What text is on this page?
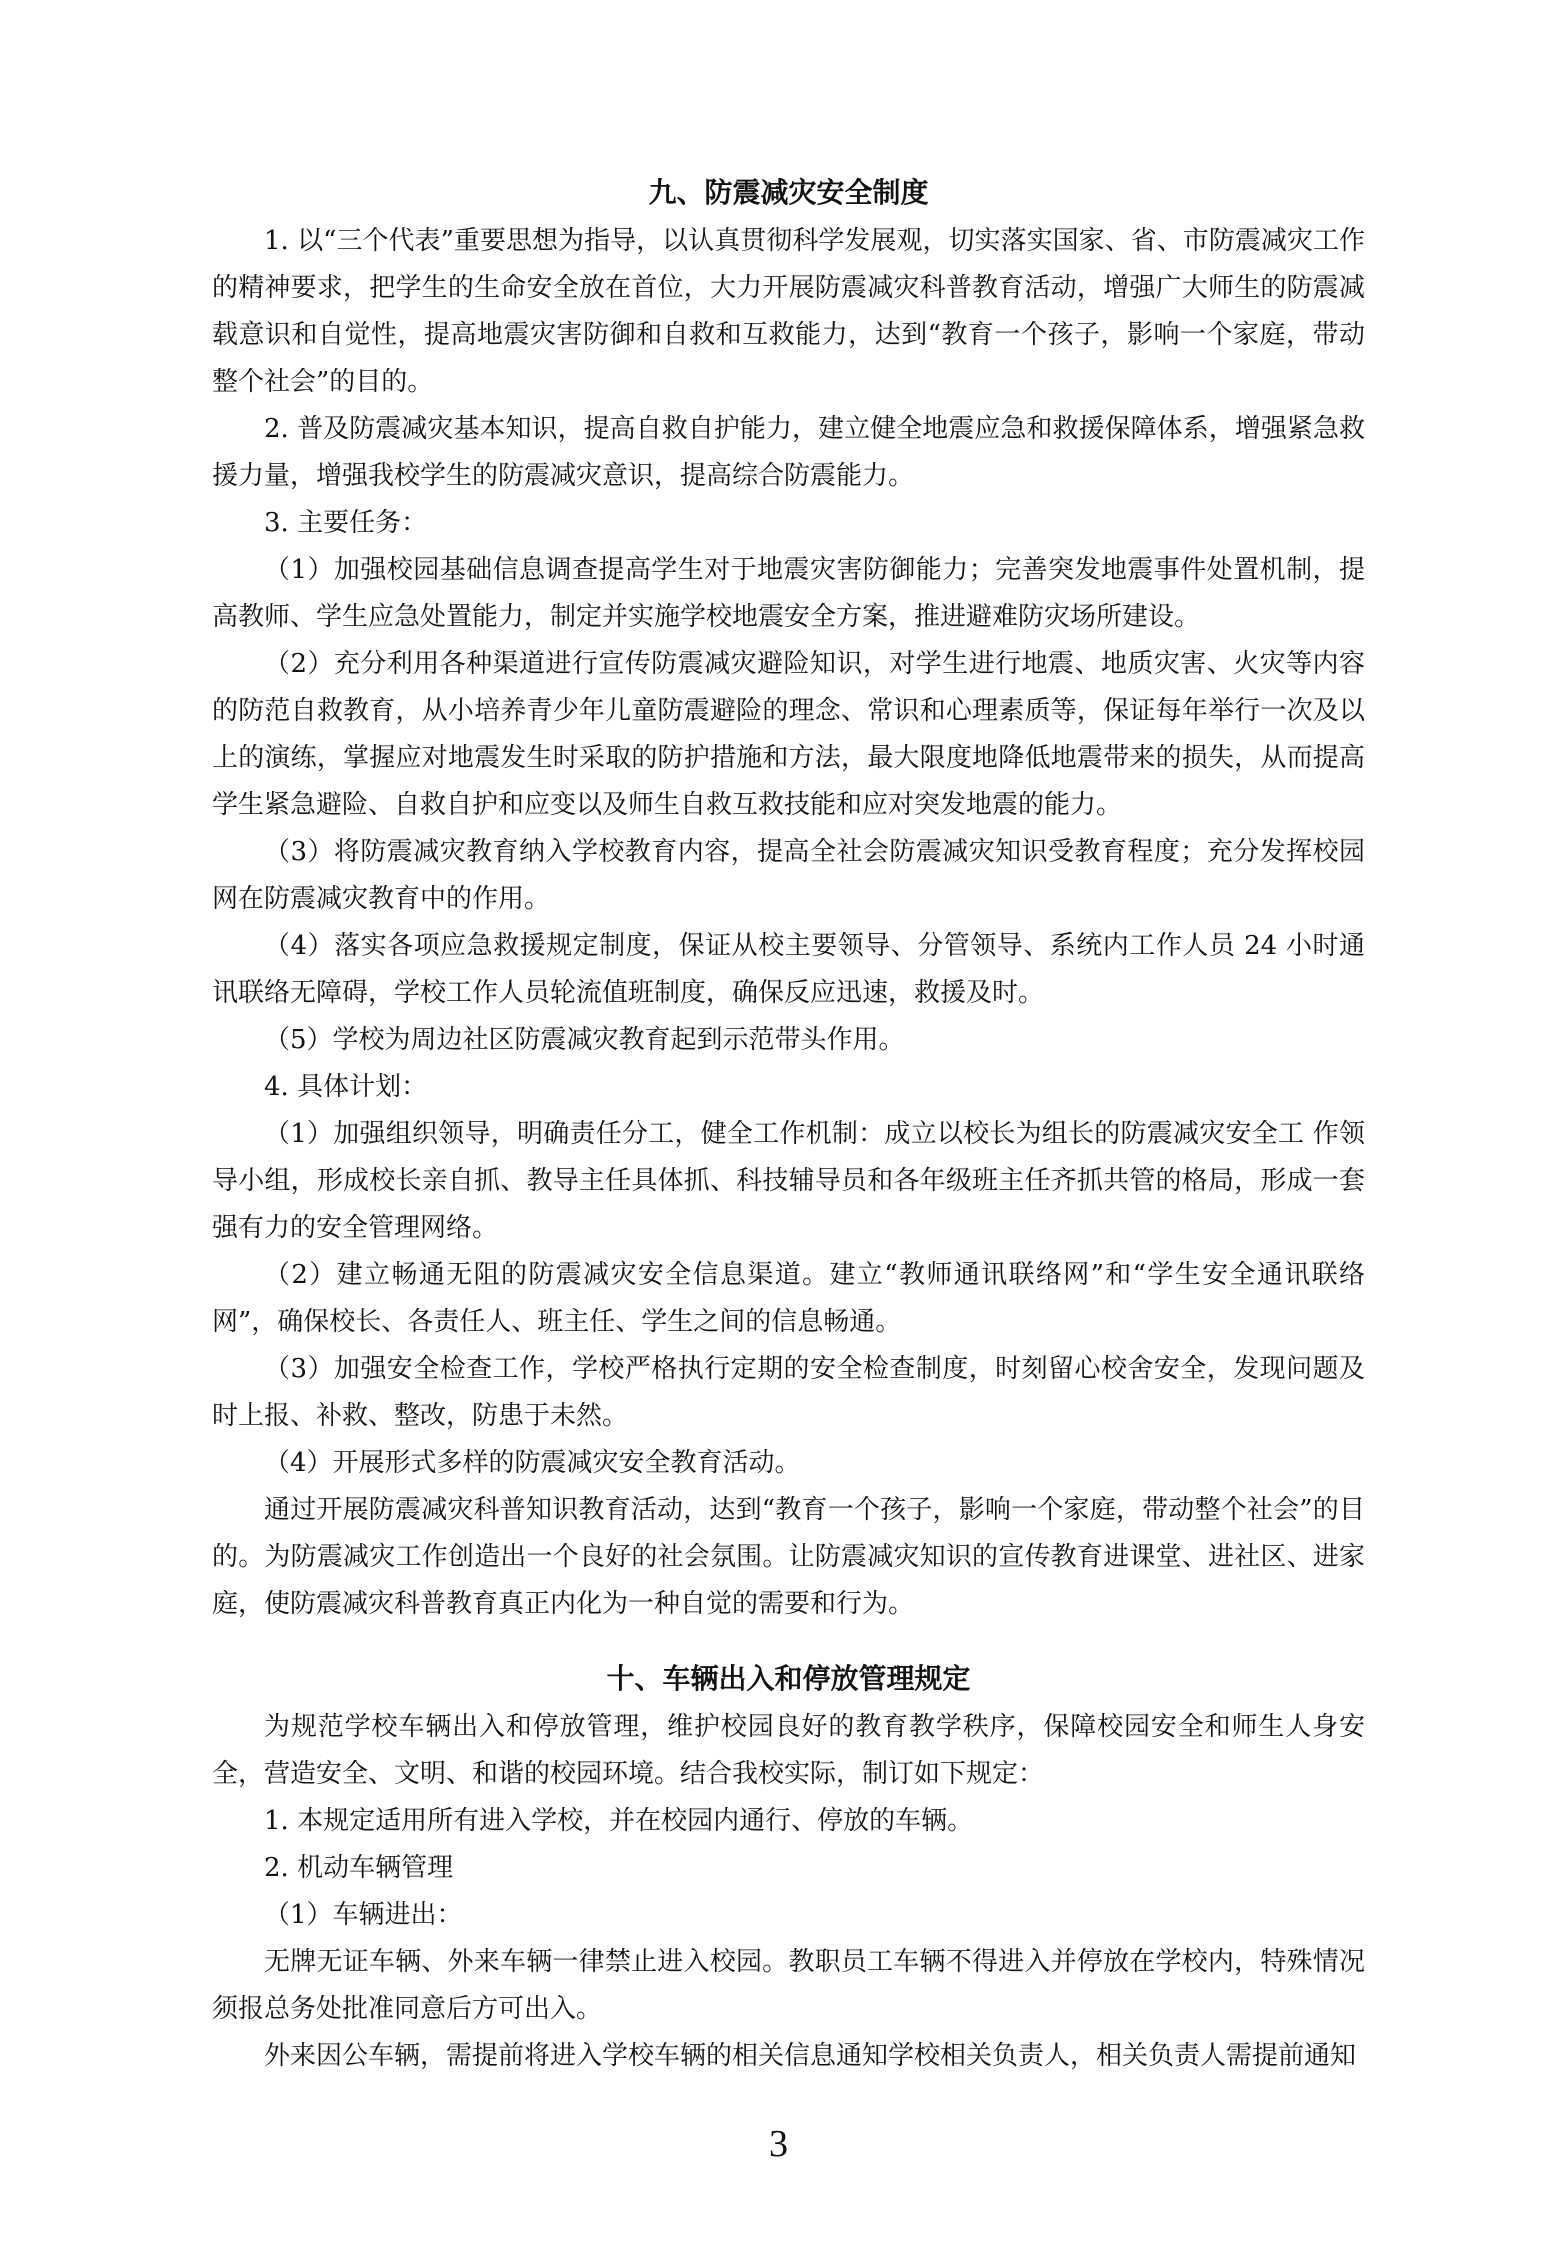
九、防震减灾安全制度

1. 以“三个代表”重要思想为指导，以认真贯彻科学发展观，切实落实国家、省、市防震减灾工作的精神要求，把学生的生命安全放在首位，大力开展防震减灾科普教育活动，增强广大师生的防震减载意识和自觉性，提高地震灾害防御和自救和互救能力，达到“教育一个孩子，影响一个家庭，带动整个社会”的目的。

2. 普及防震减灾基本知识，提高自救自护能力，建立健全地震应急和救援保障体系，增强紧急救援力量，增强我校学生的防震减灾意识，提高综合防震能力。

3. 主要任务：

（1）加强校园基础信息调查提高学生对于地震灾害防御能力；完善突发地震事件处置机制，提高教师、学生应急处置能力，制定并实施学校地震安全方案，推进避难防灾场所建设。

（2）充分利用各种渠道进行宣传防震减灾避险知识，对学生进行地震、地质灾害、火灾等内容的防范自救教育，从小培养青少年儿童防震避险的理念、常识和心理素质等，保证每年举行一次及以上的演练，掌握应对地震发生时采取的防护措施和方法，最大限度地降低地震带来的损失，从而提高学生紧急避险、自救自护和应变以及师生自救互救技能和应对突发地震的能力。

（3）将防震减灾教育纳入学校教育内容，提高全社会防震减灾知识受教育程度；充分发挥校园网在防震减灾教育中的作用。

（4）落实各项应急救援规定制度，保证从校主要领导、分管领导、系统内工作人员 24 小时通讯联络无障碍，学校工作人员轮流值班制度，确保反应迅速，救援及时。

（5）学校为周边社区防震减灾教育起到示范带头作用。

4. 具体计划：

（1）加强组织领导，明确责任分工，健全工作机制：成立以校长为组长的防震减灾安全工 作领导小组，形成校长亲自抓、教导主任具体抓、科技辅导员和各年级班主任齐抓共管的格局，形成一套强有力的安全管理网络。

（2）建立畅通无阻的防震减灾安全信息渠道。建立“教师通讯联络网”和“学生安全通讯联络网”，确保校长、各责任人、班主任、学生之间的信息畅通。

（3）加强安全检查工作，学校严格执行定期的安全检查制度，时刻留心校舍安全，发现问题及时上报、补救、整改，防患于未然。

（4）开展形式多样的防震减灾安全教育活动。

通过开展防震减灾科普知识教育活动，达到“教育一个孩子，影响一个家庭，带动整个社会”的目的。为防震减灾工作创造出一个良好的社会氛围。让防震减灾知识的宣传教育进课堂、进社区、进家庭，使防震减灾科普教育真正内化为一种自觉的需要和行为。

十、车辆出入和停放管理规定

为规范学校车辆出入和停放管理，维护校园良好的教育教学秩序，保障校园安全和师生人身安全，营造安全、文明、和谐的校园环境。结合我校实际，制订如下规定：

1. 本规定适用所有进入学校，并在校园内通行、停放的车辆。

2. 机动车辆管理

（1）车辆进出：

无牌无证车辆、外来车辆一律禁止进入校园。教职员工车辆不得进入并停放在学校内，特殊情况须报总务处批准同意后方可出入。

外来因公车辆，需提前将进入学校车辆的相关信息通知学校相关负责人，相关负责人需提前通知

3
